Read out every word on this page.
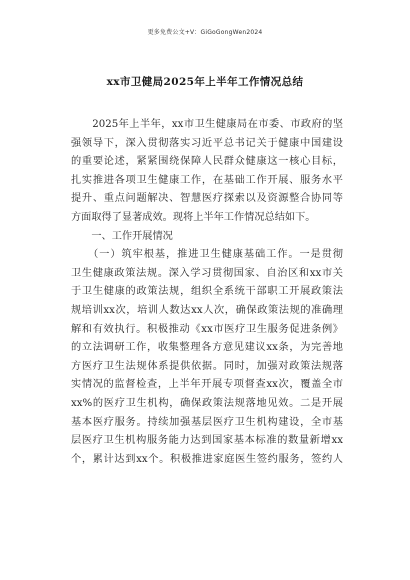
更多免费公文+V：GiGoGongWen2024
xx市卫健局2025年上半年工作情况总结

　　2025年上半年，xx市卫生健康局在市委、市政府的坚
强领导下，深入贯彻落实习近平总书记关于健康中国建设
的重要论述，紧紧围绕保障人民群众健康这一核心目标，
扎实推进各项卫生健康工作，在基础工作开展、服务水平
提升、重点问题解决、智慧医疗探索以及资源整合协同等
方面取得了显著成效。现将上半年工作情况总结如下。

　　一、工作开展情况

　　（一）筑牢根基，推进卫生健康基础工作。一是贯彻
卫生健康政策法规。深入学习贯彻国家、自治区和xx市关
于卫生健康的政策法规，组织全系统干部职工开展政策法
规培训xx次，培训人数达xx人次，确保政策法规的准确理
解和有效执行。积极推动《xx市医疗卫生服务促进条例》
的立法调研工作，收集整理各方意见建议xx条，为完善地
方医疗卫生法规体系提供依据。同时，加强对政策法规落
实情况的监督检查，上半年开展专项督查xx次，覆盖全市
xx%的医疗卫生机构，确保政策法规落地见效。二是开展
基本医疗服务。持续加强基层医疗卫生机构建设，全市基
层医疗卫生机构服务能力达到国家基本标准的数量新增xx
个，累计达到xx个。积极推进家庭医生签约服务，签约人
